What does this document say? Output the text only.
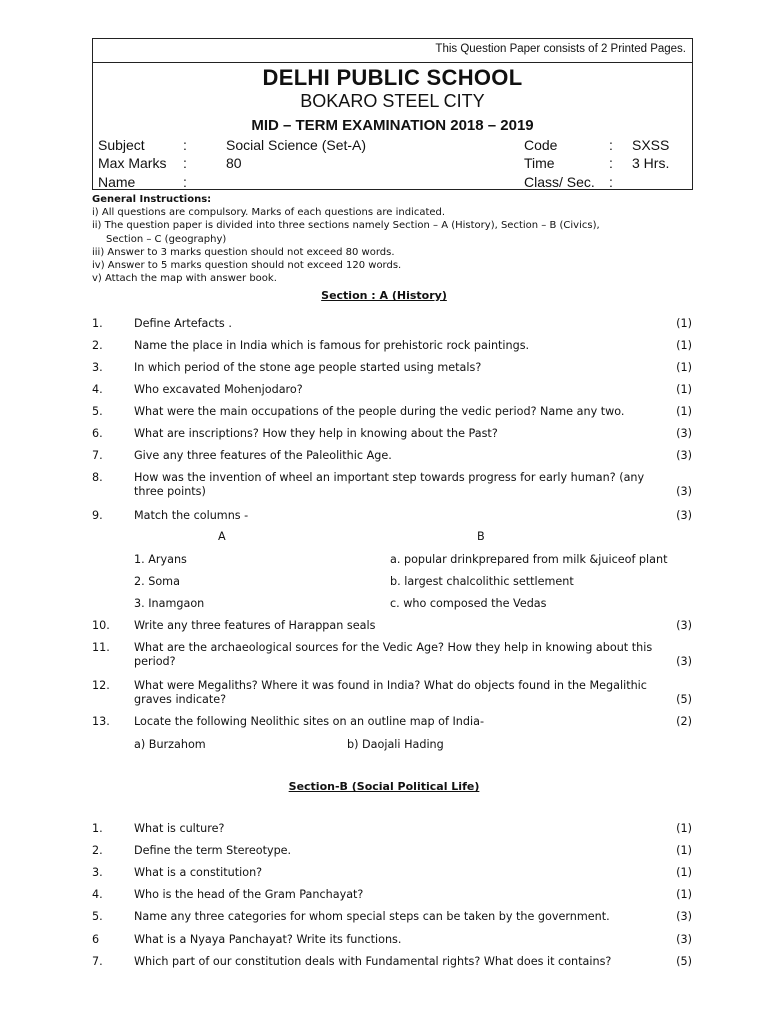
This Question Paper consists of 2 Printed Pages.
DELHI PUBLIC SCHOOL
BOKARO STEEL CITY
MID – TERM EXAMINATION 2018 – 2019
Subject	:	Social Science (Set-A)	Code	: SXSS
Max Marks :	80	Time	: 3 Hrs.
Name	:	Class/ Sec. :
General Instructions:
i) All questions are compulsory. Marks of each questions are indicated.
ii) The question paper is divided into three sections namely Section – A (History), Section – B (Civics),
Section – C (geography)
iii) Answer to 3 marks question should not exceed 80 words.
iv) Answer to 5 marks question should not exceed 120 words.
v) Attach the map with answer book.
Section : A (History)
1.	Define Artefacts .	(1)
2.	Name the place in India which is famous for prehistoric rock paintings.	(1)
3.	In which period of the stone age people started using metals?	(1)
4.	Who excavated Mohenjodaro?	(1)
5.	What were the main occupations of the people during the vedic period? Name any two.	(1)
6.	What are inscriptions? How they help in knowing about the Past?	(3)
7.	Give any three features of the Paleolithic Age.	(3)
8.	How was the invention of wheel an important step towards progress for early human? (any
three points)	(3)
9.	Match the columns -	(3)
10. Write any three features of Harappan seals	(3)
11. What are the archaeological sources for the Vedic Age? How they help in knowing about this
period?	(3)
12. What were Megaliths? Where it was found in India? What do objects found in the Megalithic
graves indicate?	(5)
13. Locate the following Neolithic sites on an outline map of India-	(2)
A	B
1. Aryans	a. popular drinkprepared from milk &juiceof plant
2. Soma	b. largest chalcolithic settlement
3. Inamgaon	c. who composed the Vedas
a) Burzahom	b) Daojali Hading
Section-B (Social Political Life)
1.	What is culture?	(1)
2.	Define the term Stereotype.	(1)
3.	What is a constitution?	(1)
4.	Who is the head of the Gram Panchayat?	(1)
5.	Name any three categories for whom special steps can be taken by the government.	(3)
6	What is a Nyaya Panchayat? Write its functions.	(3)
7.	Which part of our constitution deals with Fundamental rights? What does it contains?	(5)
